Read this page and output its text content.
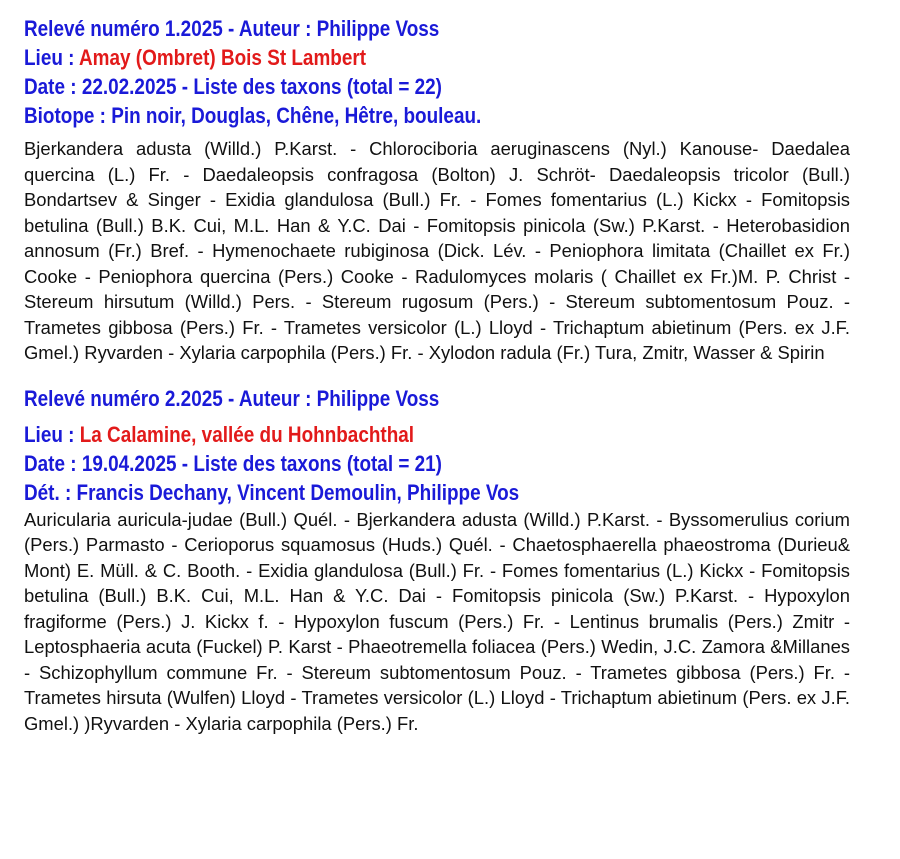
Relevé numéro 1.2025 - Auteur : Philippe Voss

Lieu : Amay (Ombret) Bois St Lambert

Date : 22.02.2025 - Liste des taxons (total = 22)

Biotope : Pin noir, Douglas, Chêne, Hêtre, bouleau.

Bjerkandera adusta (Willd.) P.Karst. - Chlorociboria aeruginascens (Nyl.) Kanouse- Daedalea quercina (L.) Fr. - Daedaleopsis confragosa (Bolton) J. Schröt- Daedaleopsis tricolor (Bull.) Bondartsev & Singer - Exidia glandulosa (Bull.) Fr. - Fomes fomentarius (L.) Kickx - Fomitopsis betulina (Bull.) B.K. Cui, M.L. Han & Y.C. Dai - Fomitopsis pinicola (Sw.) P.Karst. - Heterobasidion annosum (Fr.) Bref. - Hymenochaete rubiginosa (Dick. Lév. - Peniophora limitata (Chaillet ex Fr.) Cooke - Peniophora quercina (Pers.) Cooke - Radulomyces molaris ( Chaillet ex Fr.)M. P. Christ - Stereum hirsutum (Willd.) Pers. - Stereum rugosum (Pers.) - Stereum subtomentosum Pouz. - Trametes gibbosa (Pers.) Fr. - Trametes versicolor (L.) Lloyd - Trichaptum abietinum (Pers. ex J.F. Gmel.) Ryvarden - Xylaria carpophila (Pers.) Fr. - Xylodon radula (Fr.) Tura, Zmitr, Wasser & Spirin

Relevé numéro 2.2025 - Auteur : Philippe Voss

Lieu : La Calamine, vallée du Hohnbachthal

Date : 19.04.2025 - Liste des taxons (total = 21)

Dét. : Francis Dechany, Vincent Demoulin, Philippe Vos

Auricularia auricula-judae (Bull.) Quél. - Bjerkandera adusta (Willd.) P.Karst. - Byssomerulius corium (Pers.) Parmasto - Cerioporus squamosus (Huds.) Quél. - Chaetosphaerella phaeostroma (Durieu& Mont) E. Müll. & C. Booth. - Exidia glandulosa (Bull.) Fr. - Fomes fomentarius (L.) Kickx - Fomitopsis betulina (Bull.) B.K. Cui, M.L. Han & Y.C. Dai - Fomitopsis pinicola (Sw.) P.Karst. - Hypoxylon fragiforme (Pers.) J. Kickx f. - Hypoxylon fuscum (Pers.) Fr. - Lentinus brumalis (Pers.) Zmitr - Leptosphaeria acuta (Fuckel) P. Karst - Phaeotremella foliacea (Pers.) Wedin, J.C. Zamora &Millanes - Schizophyllum commune Fr. - Stereum subtomentosum Pouz. - Trametes gibbosa (Pers.) Fr. - Trametes hirsuta (Wulfen) Lloyd - Trametes versicolor (L.) Lloyd - Trichaptum abietinum (Pers. ex J.F. Gmel.) )Ryvarden - Xylaria carpophila (Pers.) Fr.
